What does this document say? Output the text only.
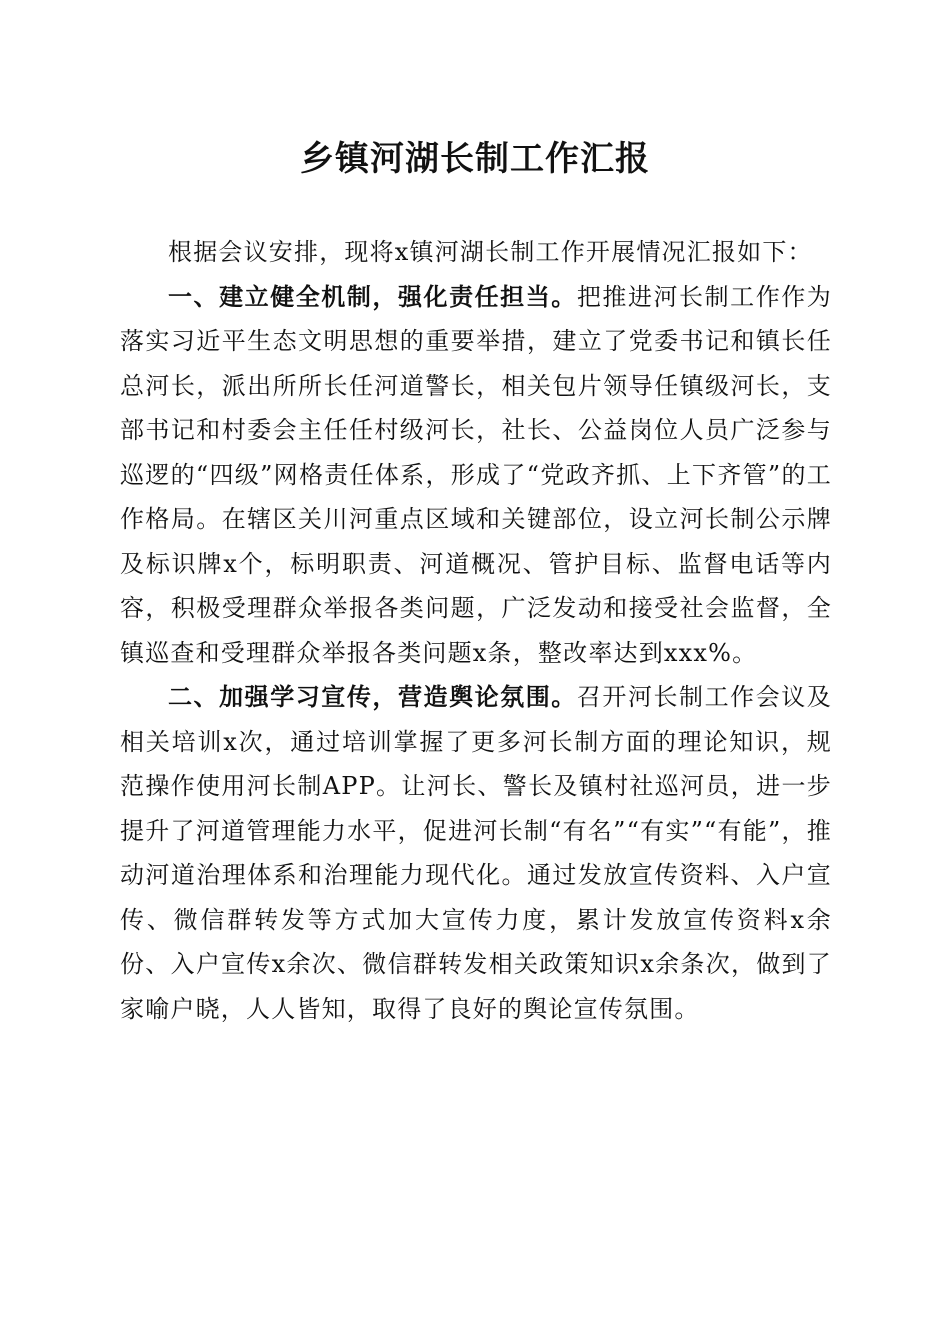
乡镇河湖长制工作汇报

根据会议安排，现将x镇河湖长制工作开展情况汇报如下：

一、建立健全机制，强化责任担当。把推进河长制工作作为落实习近平生态文明思想的重要举措，建立了党委书记和镇长任总河长，派出所所长任河道警长，相关包片领导任镇级河长，支部书记和村委会主任任村级河长，社长、公益岗位人员广泛参与巡逻的“四级”网格责任体系，形成了“党政齐抓、上下齐管”的工作格局。在辖区关川河重点区域和关键部位，设立河长制公示牌及标识牌x个，标明职责、河道概况、管护目标、监督电话等内容，积极受理群众举报各类问题，广泛发动和接受社会监督，全镇巡查和受理群众举报各类问题x条，整改率达到xxx%。

二、加强学习宣传，营造舆论氛围。召开河长制工作会议及相关培训x次，通过培训掌握了更多河长制方面的理论知识，规范操作使用河长制APP。让河长、警长及镇村社巡河员，进一步提升了河道管理能力水平，促进河长制“有名”“有实”“有能”，推动河道治理体系和治理能力现代化。通过发放宣传资料、入户宣传、微信群转发等方式加大宣传力度，累计发放宣传资料x余份、入户宣传x余次、微信群转发相关政策知识x余条次，做到了家喻户晓，人人皆知，取得了良好的舆论宣传氛围。
